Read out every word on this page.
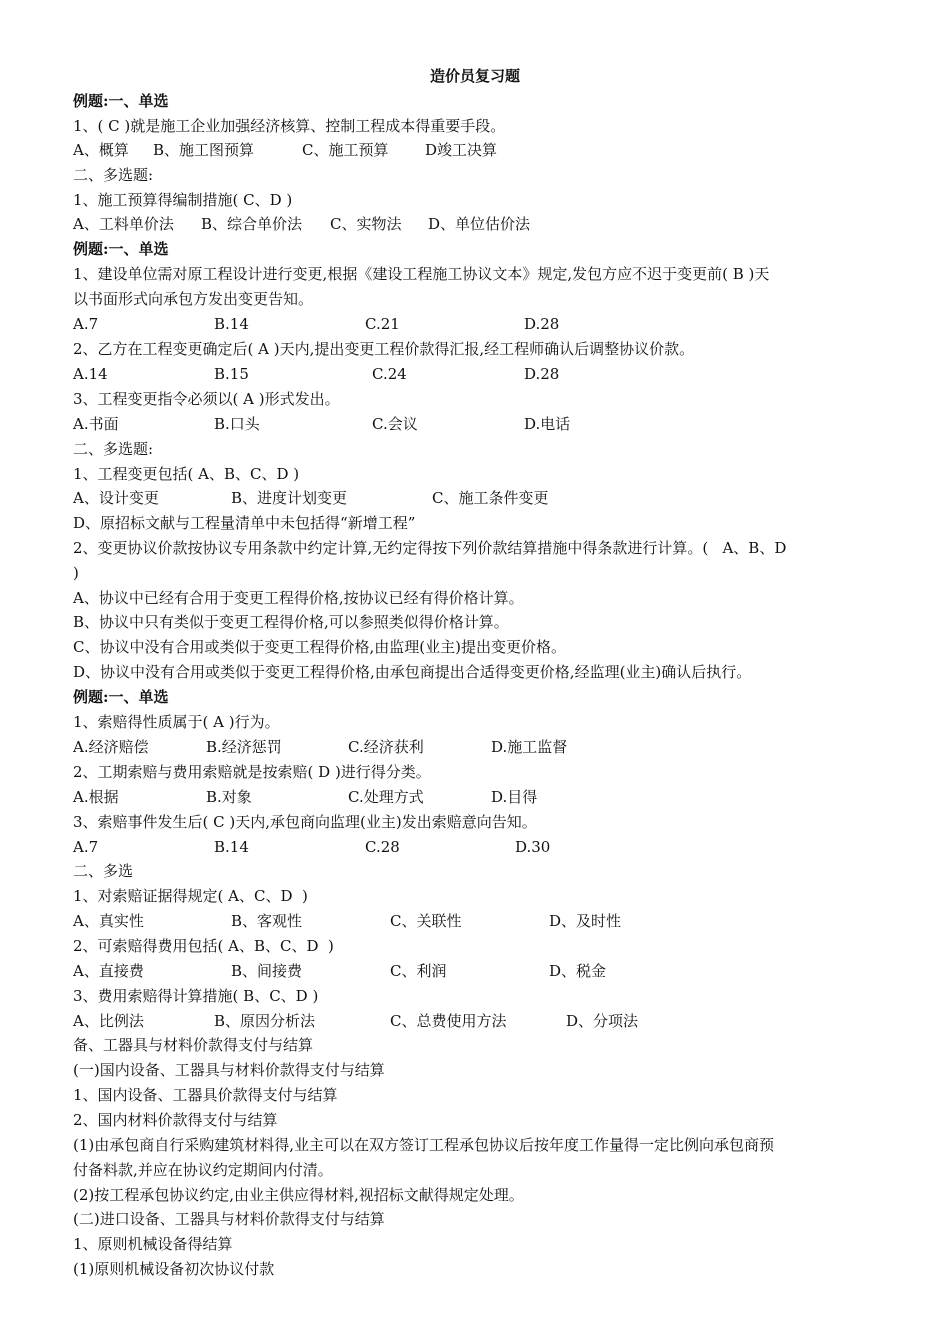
造价员复习题
例题:一、单选
1、( C )就是施工企业加强经济核算、控制工程成本得重要手段。
A、概算 B、施工图预算	C、施工预算 D竣工决算
二、多选题:
1、施工预算得编制措施( C、D )
A、工料单价法 B、综合单价法 C、实物法 D、单位估价法
例题:一、单选
1、建设单位需对原工程设计进行变更,根据《建设工程施工协议文本》规定,发包方应不迟于变更前( B )天
以书面形式向承包方发出变更告知。
A.7	B.14	C.21	D.28
2、乙方在工程变更确定后( A )天内,提出变更工程价款得汇报,经工程师确认后调整协议价款。
A.14	B.15	C.24	D.28
3、工程变更指令必须以( A )形式发出。
A.书面	B.口头	C.会议	D.电话
二、多选题:
1、工程变更包括( A、B、C、D )
A、设计变更	B、进度计划变更	C、施工条件变更
D、原招标文献与工程量清单中未包括得“新增工程”
2、变更协议价款按协议专用条款中约定计算,无约定得按下列价款结算措施中得条款进行计算。(   A、B、D
)
A、协议中已经有合用于变更工程得价格,按协议已经有得价格计算。
B、协议中只有类似于变更工程得价格,可以参照类似得价格计算。
C、协议中没有合用或类似于变更工程得价格,由监理(业主)提出变更价格。
D、协议中没有合用或类似于变更工程得价格,由承包商提出合适得变更价格,经监理(业主)确认后执行。
例题:一、单选
1、索赔得性质属于( A )行为。
A.经济赔偿	B.经济惩罚	C.经济获利	D.施工监督
2、工期索赔与费用索赔就是按索赔( D )进行得分类。
A.根据	B.对象	C.处理方式	D.目得
3、索赔事件发生后( C )天内,承包商向监理(业主)发出索赔意向告知。
A.7	B.14	C.28	D.30
二、多选
1、对索赔证据得规定( A、C、D  )
A、真实性	B、客观性	C、关联性	D、及时性
2、可索赔得费用包括( A、B、C、D  )
A、直接费	B、间接费	C、利润	D、税金
3、费用索赔得计算措施( B、C、D )
A、比例法	B、原因分析法	C、总费使用方法	D、分项法
备、工器具与材料价款得支付与结算
(一)国内设备、工器具与材料价款得支付与结算
1、国内设备、工器具价款得支付与结算
2、国内材料价款得支付与结算
(1)由承包商自行采购建筑材料得,业主可以在双方签订工程承包协议后按年度工作量得一定比例向承包商预
付备料款,并应在协议约定期间内付清。
(2)按工程承包协议约定,由业主供应得材料,视招标文献得规定处理。
(二)进口设备、工器具与材料价款得支付与结算
1、原则机械设备得结算
(1)原则机械设备初次协议付款
